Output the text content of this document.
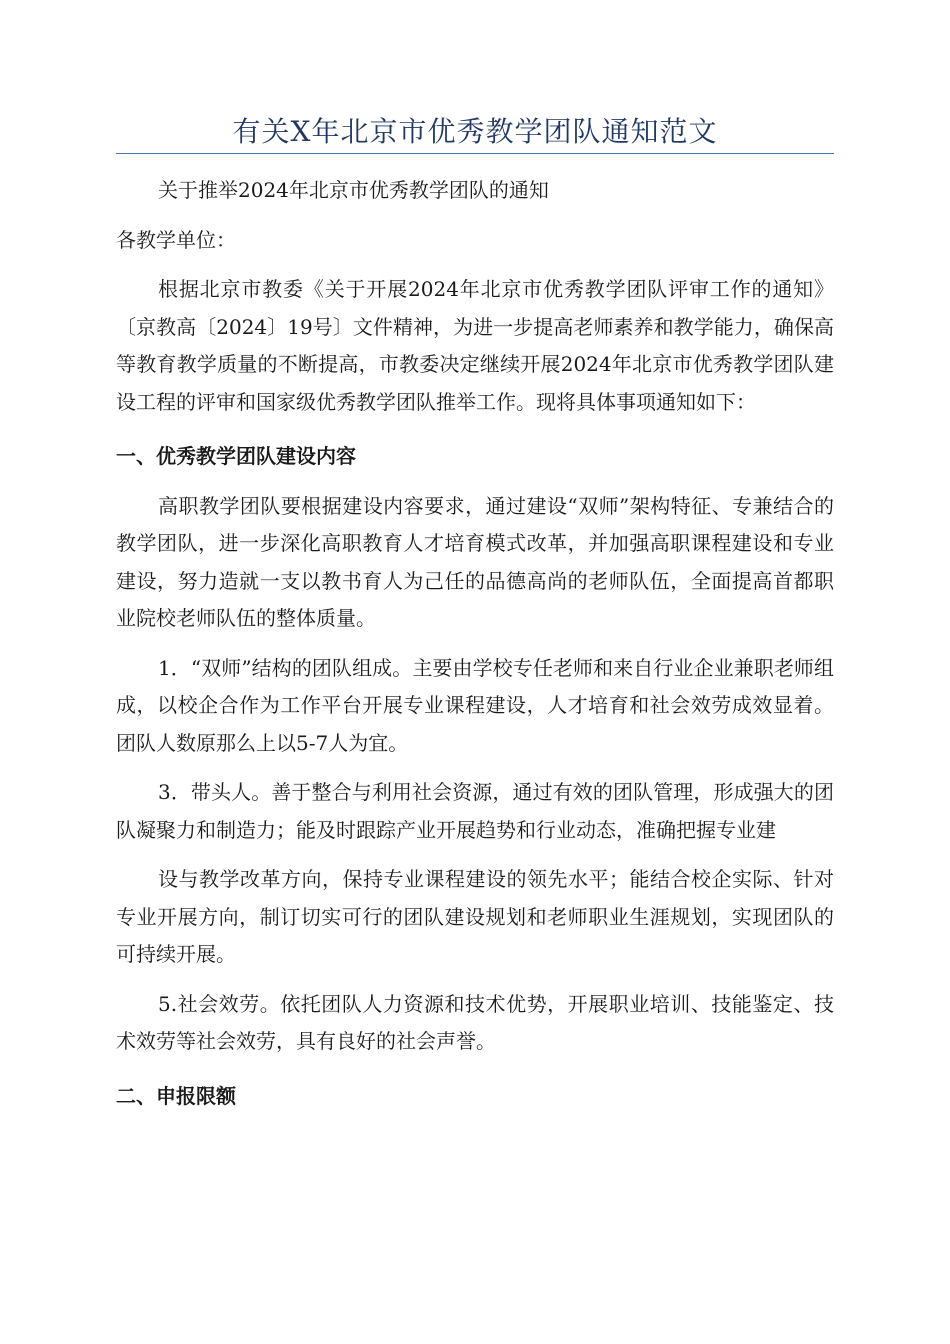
有关X年北京市优秀教学团队通知范文

关于推举2024年北京市优秀教学团队的通知

各教学单位：

根据北京市教委《关于开展2024年北京市优秀教学团队评审工作的通知》〔京教高〔2024〕19号〕文件精神，为进一步提高老师素养和教学能力，确保高等教育教学质量的不断提高，市教委决定继续开展2024年北京市优秀教学团队建设工程的评审和国家级优秀教学团队推举工作。现将具体事项通知如下：

一、优秀教学团队建设内容

高职教学团队要根据建设内容要求，通过建设“双师”架构特征、专兼结合的教学团队，进一步深化高职教育人才培育模式改革，并加强高职课程建设和专业建设，努力造就一支以教书育人为己任的品德高尚的老师队伍，全面提高首都职业院校老师队伍的整体质量。

1．“双师”结构的团队组成。主要由学校专任老师和来自行业企业兼职老师组成，以校企合作为工作平台开展专业课程建设，人才培育和社会效劳成效显着。团队人数原那么上以5-7人为宜。

3．带头人。善于整合与利用社会资源，通过有效的团队管理，形成强大的团队凝聚力和制造力；能及时跟踪产业开展趋势和行业动态，准确把握专业建

设与教学改革方向，保持专业课程建设的领先水平；能结合校企实际、针对专业开展方向，制订切实可行的团队建设规划和老师职业生涯规划，实现团队的可持续开展。

5.社会效劳。依托团队人力资源和技术优势，开展职业培训、技能鉴定、技术效劳等社会效劳，具有良好的社会声誉。

二、申报限额
